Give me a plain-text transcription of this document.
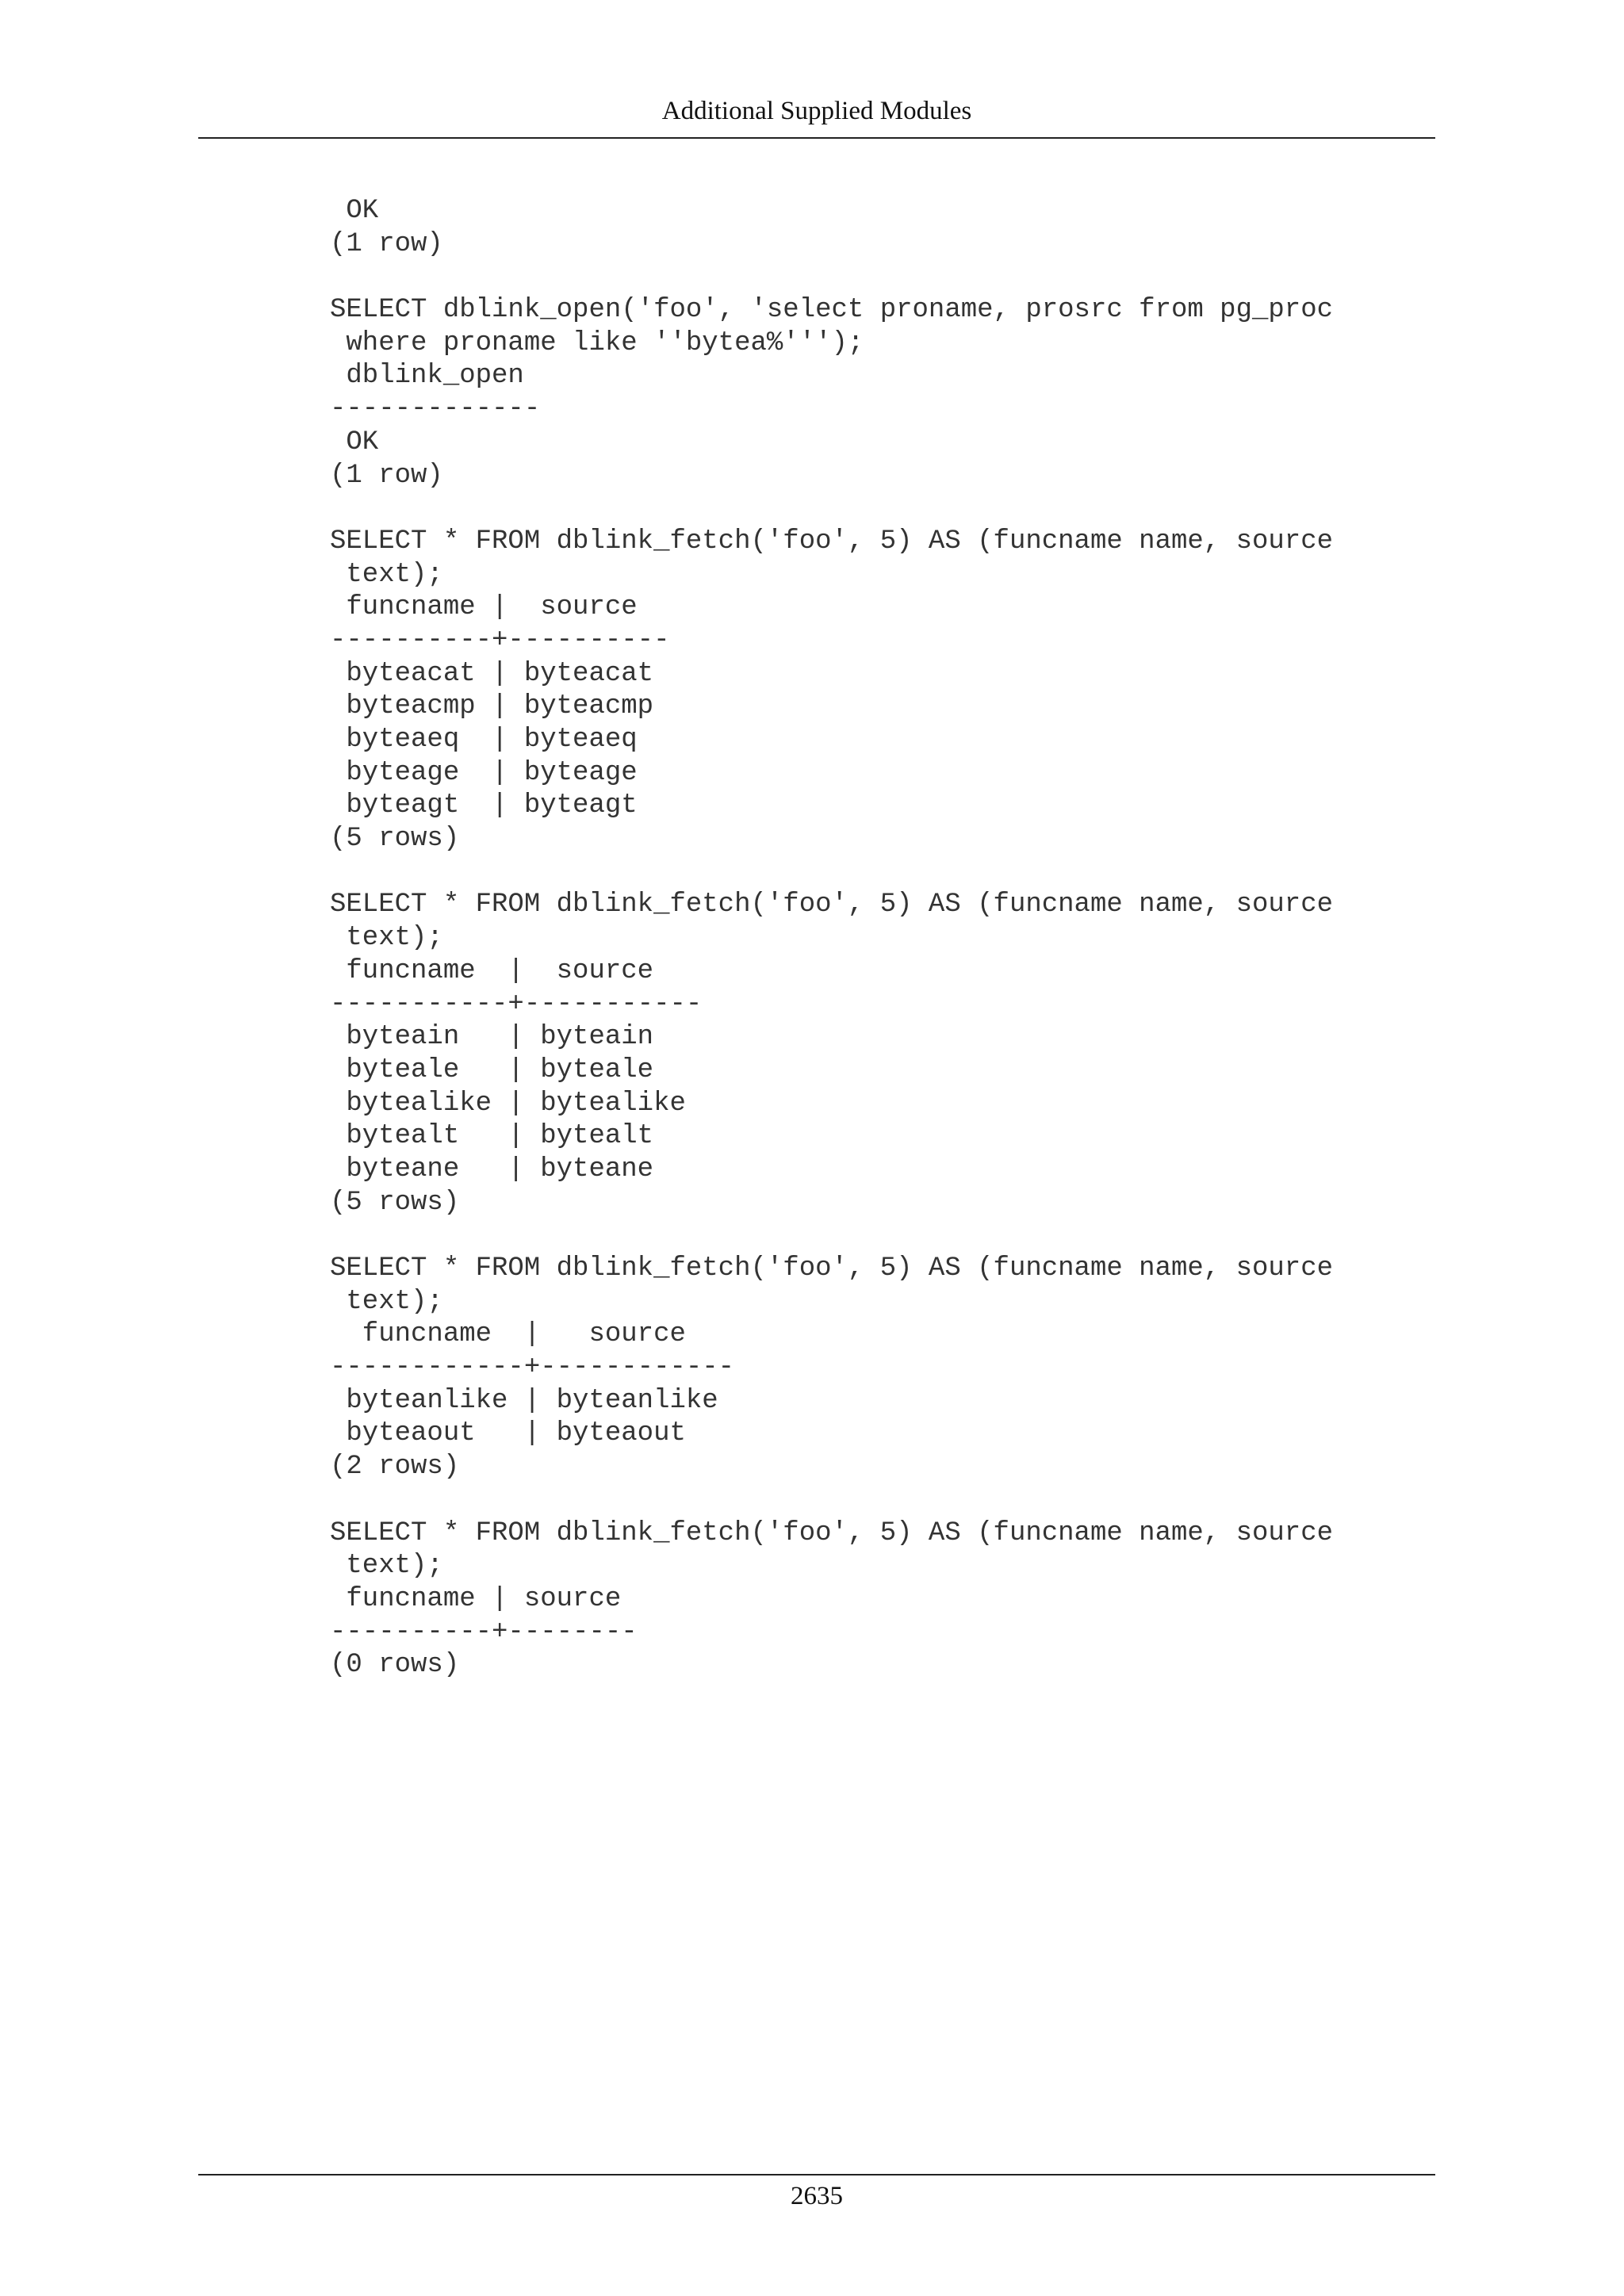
Additional Supplied Modules
OK
(1 row)
SELECT dblink_open('foo', 'select proname, prosrc from pg_proc
where proname like ''bytea%''');
dblink_open
-------------
OK
(1 row)
SELECT * FROM dblink_fetch('foo', 5) AS (funcname name, source
text);
funcname |  source
----------+----------
byteacat | byteacat
byteacmp | byteacmp
byteaeq  | byteaeq
byteage  | byteage
byteagt  | byteagt
(5 rows)
SELECT * FROM dblink_fetch('foo', 5) AS (funcname name, source
text);
funcname  |  source
-----------+-----------
byteain   | byteain
byteale   | byteale
bytealike | bytealike
bytealt   | bytealt
byteane   | byteane
(5 rows)
SELECT * FROM dblink_fetch('foo', 5) AS (funcname name, source
text);
funcname  |   source
------------+------------
byteanlike | byteanlike
byteaout   | byteaout
(2 rows)
SELECT * FROM dblink_fetch('foo', 5) AS (funcname name, source
text);
funcname | source
----------+--------
(0 rows)
2635
